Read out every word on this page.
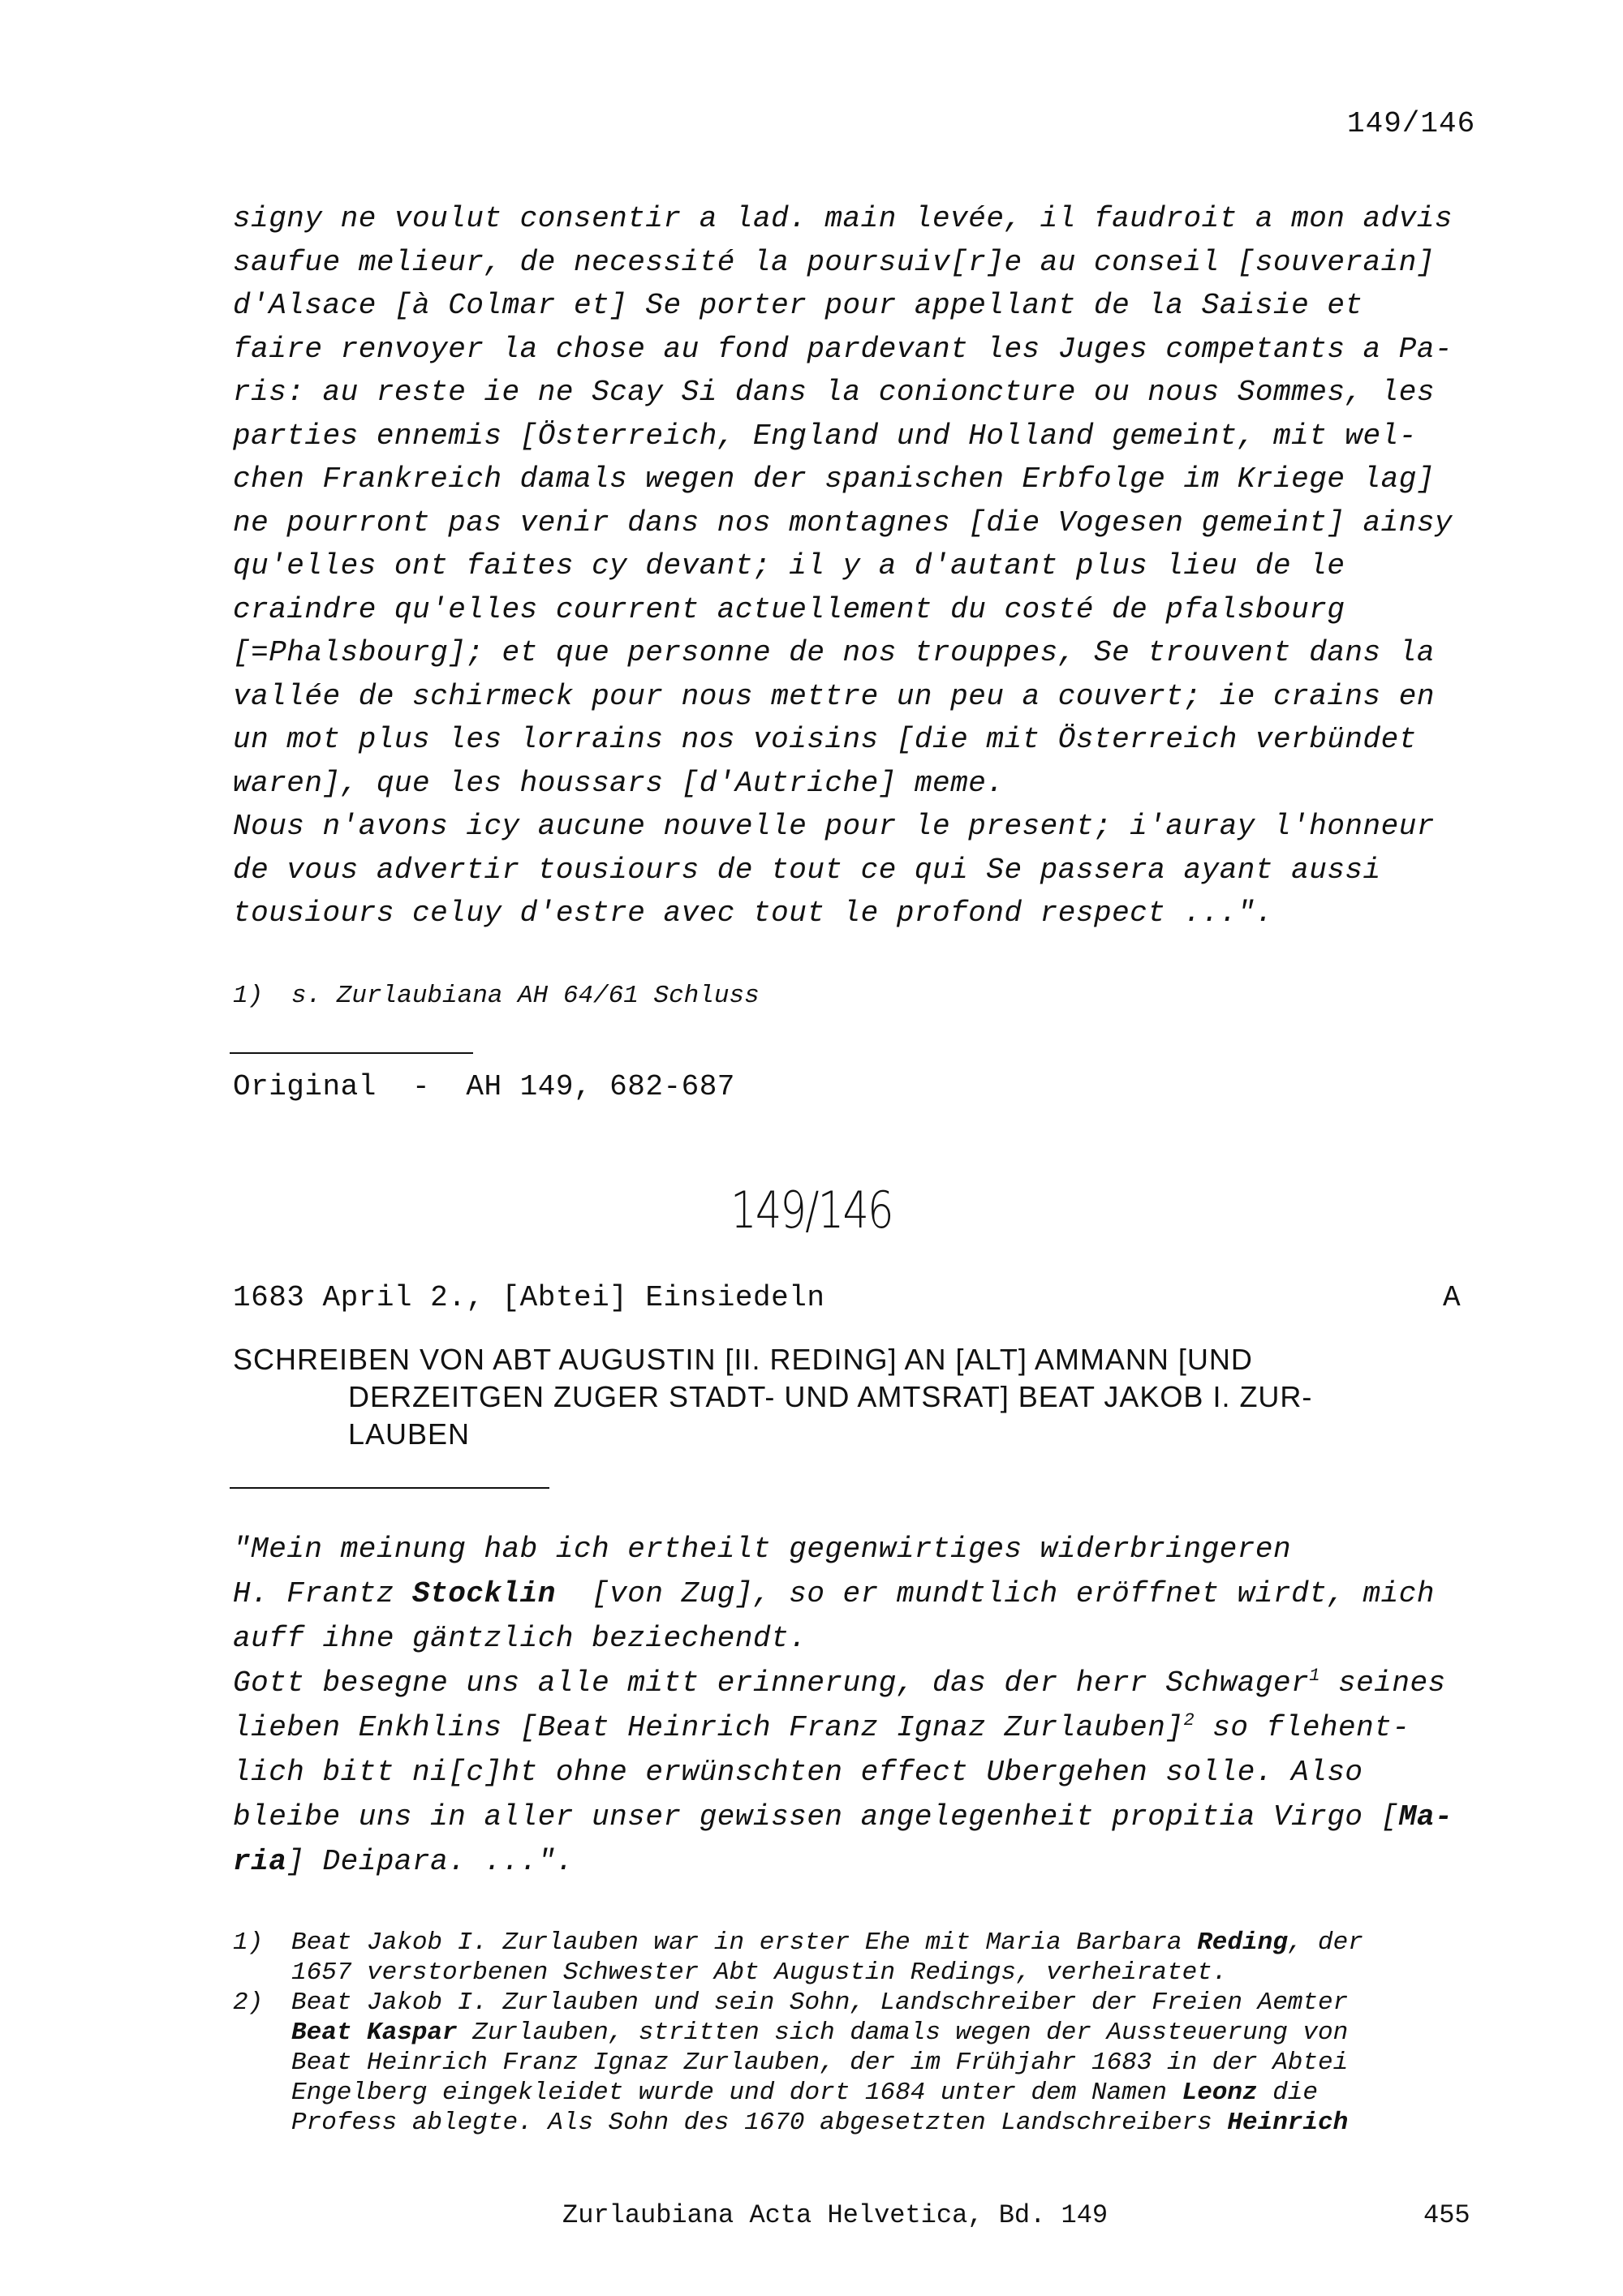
149/146

signy ne voulut consentir a lad. main levée, il faudroit a mon advis

saufue melieur, de necessité la poursuiv[r]e au conseil [souverain]

d'Alsace [à Colmar et] Se porter pour appellant de la Saisie et

faire renvoyer la chose au fond pardevant les Juges competants a Pa-

ris: au reste ie ne Scay Si dans la conioncture ou nous Sommes, les

parties ennemis [Österreich, England und Holland gemeint, mit wel-

chen Frankreich damals wegen der spanischen Erbfolge im Kriege lag]

ne pourront pas venir dans nos montagnes [die Vogesen gemeint] ainsy

qu'elles ont faites cy devant; il y a d'autant plus lieu de le

craindre qu'elles courrent actuellement du costé de pfalsbourg

[=Phalsbourg]; et que personne de nos trouppes, Se trouvent dans la

vallée de schirmeck pour nous mettre un peu a couvert; ie crains en

un mot plus les lorrains nos voisins [die mit Österreich verbündet

waren], que les houssars [d'Autriche] meme.

Nous n'avons icy aucune nouvelle pour le present; i'auray l'honneur

de vous advertir tousiours de tout ce qui Se passera ayant aussi

tousiours celuy d'estre avec tout le profond respect ...".

1)	s. Zurlaubiana AH 64/61 Schluss
Original  -  AH 149, 682-687
149/146
1683 April 2., [Abtei] Einsiedeln	A
SCHREIBEN VON ABT AUGUSTIN [II. REDING] AN [ALT] AMMANN [UND
DERZEITGEN ZUGER STADT- UND AMTSRAT] BEAT JAKOB I. ZUR-
LAUBEN

"Mein meinung hab ich ertheilt gegenwirtiges widerbringeren

H. Frantz Stocklin  [von Zug], so er mundtlich eröffnet wirdt, mich

auff ihne gäntzlich beziechendt.

Gott besegne uns alle mitt erinnerung, das der herr Schwager$^1$ seines

lieben Enkhlins [Beat Heinrich Franz Ignaz Zurlauben]$^2$ so flehent-

lich bitt ni[c]ht ohne erwünschten effect Ubergehen solle. Also

bleibe uns in aller unser gewissen angelegenheit propitia Virgo [Ma-

ria] Deipara. ...".

1)	Beat Jakob I. Zurlauben war in erster Ehe mit Maria Barbara Reding, der
1657 verstorbenen Schwester Abt Augustin Redings, verheiratet.
2)	Beat Jakob I. Zurlauben und sein Sohn, Landschreiber der Freien Aemter
Beat Kaspar Zurlauben, stritten sich damals wegen der Aussteuerung von
Beat Heinrich Franz Ignaz Zurlauben, der im Frühjahr 1683 in der Abtei
Engelberg eingekleidet wurde und dort 1684 unter dem Namen Leonz die
Profess ablegte. Als Sohn des 1670 abgesetzten Landschreibers Heinrich
Zurlaubiana Acta Helvetica, Bd. 149	455
